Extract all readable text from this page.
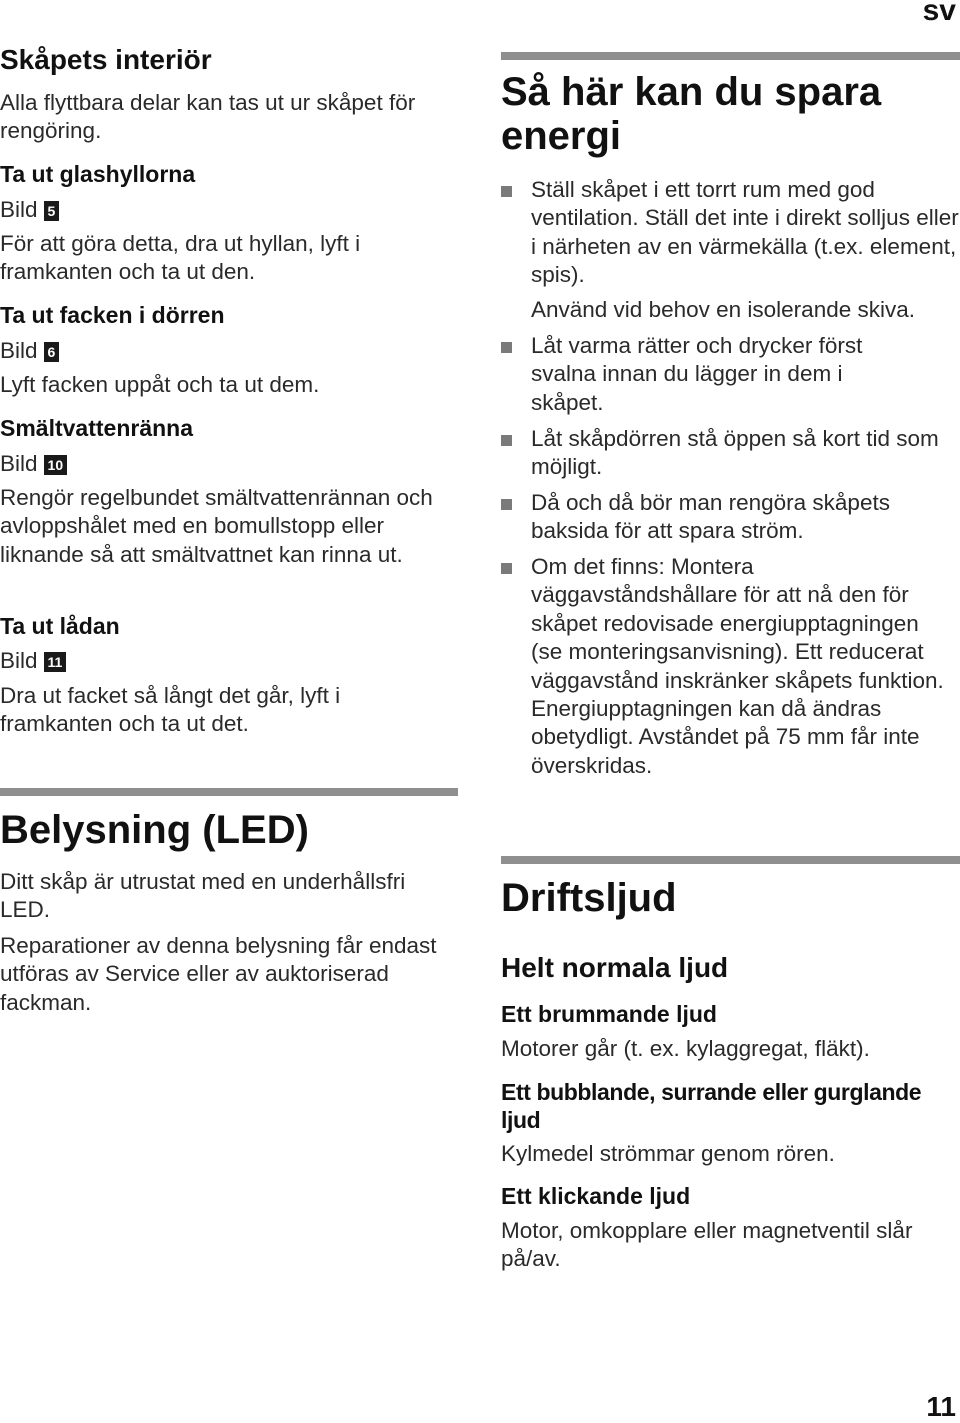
sv
Skåpets interiör

Alla flyttbara delar kan tas ut ur skåpet för rengöring.

Ta ut glashyllorna
Bild 5

För att göra detta, dra ut hyllan, lyft i framkanten och ta ut den.

Ta ut facken i dörren
Bild 6

Lyft facken uppåt och ta ut dem.

Smältvattenränna
Bild 10

Rengör regelbundet smältvattenrännan och avloppshålet med en bomullstopp eller liknande så att smältvattnet kan rinna ut.

Ta ut lådan
Bild 11

Dra ut facket så långt det går, lyft i framkanten och ta ut det.

Belysning (LED)

Ditt skåp är utrustat med en underhållsfri LED.

Reparationer av denna belysning får endast utföras av Service eller av auktoriserad fackman.

Så här kan du spara energi

Ställ skåpet i ett torrt rum med god ventilation. Ställ det inte i direkt solljus eller i närheten av en värmekälla (t.ex. element, spis).

Använd vid behov en isolerande skiva.

Låt varma rätter och drycker först svalna innan du lägger in dem i skåpet.

Låt skåpdörren stå öppen så kort tid som möjligt.

Då och då bör man rengöra skåpets baksida för att spara ström.

Om det finns: Montera väggavståndshållare för att nå den för skåpet redovisade energiupptagningen (se monteringsanvisning). Ett reducerat väggavstånd inskränker skåpets funktion. Energiupptagningen kan då ändras obetydligt. Avståndet på 75 mm får inte överskridas.

Driftsljud
Helt normala ljud
Ett brummande ljud

Motorer går (t. ex. kylaggregat, fläkt).

Ett bubblande, surrande eller gurglande ljud

Kylmedel strömmar genom rören.

Ett klickande ljud

Motor, omkopplare eller magnetventil slår på/av.

11
